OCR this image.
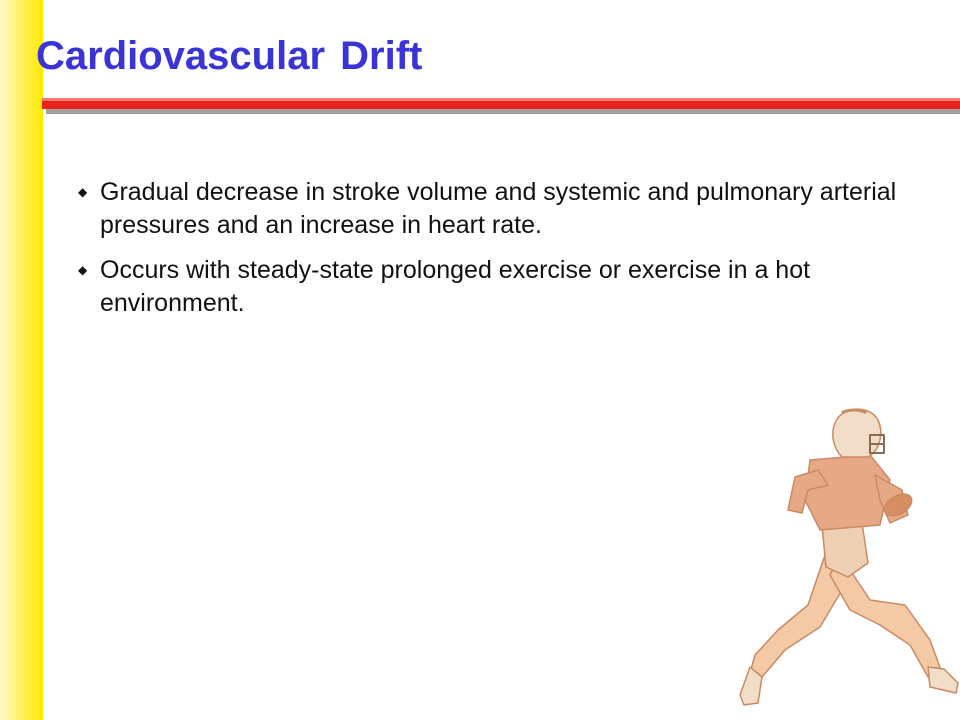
Cardiovascular Drift
◆ Gradual decrease in stroke volume and systemic and pulmonary arterial pressures and an increase in heart rate.
◆ Occurs with steady-state prolonged exercise or exercise in a hot environment.
